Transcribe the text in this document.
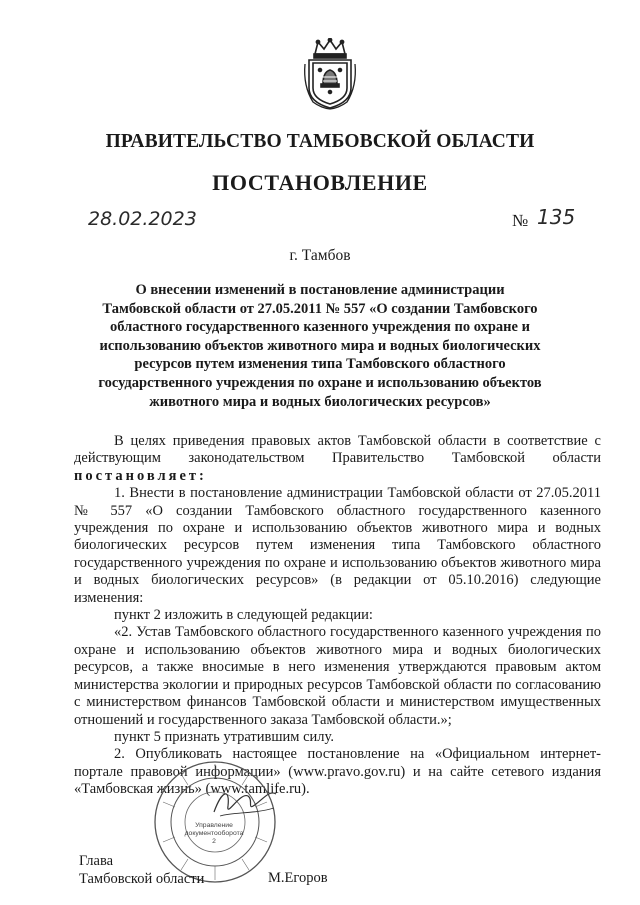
ПРАВИТЕЛЬСТВО ТАМБОВСКОЙ ОБЛАСТИ
ПОСТАНОВЛЕНИЕ
28.02.2023	№ 135
г. Тамбов
О внесении изменений в постановление администрации Тамбовской области от 27.05.2011 № 557 «О создании Тамбовского областного государственного казенного учреждения по охране и использованию объектов животного мира и водных биологических ресурсов путем изменения типа Тамбовского областного государственного учреждения по охране и использованию объектов животного мира и водных биологических ресурсов»

В целях приведения правовых актов Тамбовской области в соответствие с

действующим законодательством Правительство Тамбовской области

постановляет:

1. Внести в постановление администрации Тамбовской области от 27.05.2011 № 557 «О создании Тамбовского областного государственного казенного учреждения по охране и использованию объектов животного мира и водных биологических ресурсов путем изменения типа Тамбовского областного государственного учреждения по охране и использованию объектов животного мира и водных биологических ресурсов» (в редакции от 05.10.2016) следующие изменения:

пункт 2 изложить в следующей редакции:

«2. Устав Тамбовского областного государственного казенного учреждения по охране и использованию объектов животного мира и водных биологических ресурсов, а также вносимые в него изменения утверждаются правовым актом министерства экологии и природных ресурсов Тамбовской области по согласованию с министерством финансов Тамбовской области и министерством имущественных отношений и государственного заказа Тамбовской области.»;

пункт 5 признать утратившим силу.

2. Опубликовать настоящее постановление на «Официальном интернет-портале правовой информации» (www.pravo.gov.ru) и на сайте сетевого издания «Тамбовская жизнь» (www.tamlife.ru).

Управление
документооборота
2
Глава
Тамбовской области	М.Егоров
